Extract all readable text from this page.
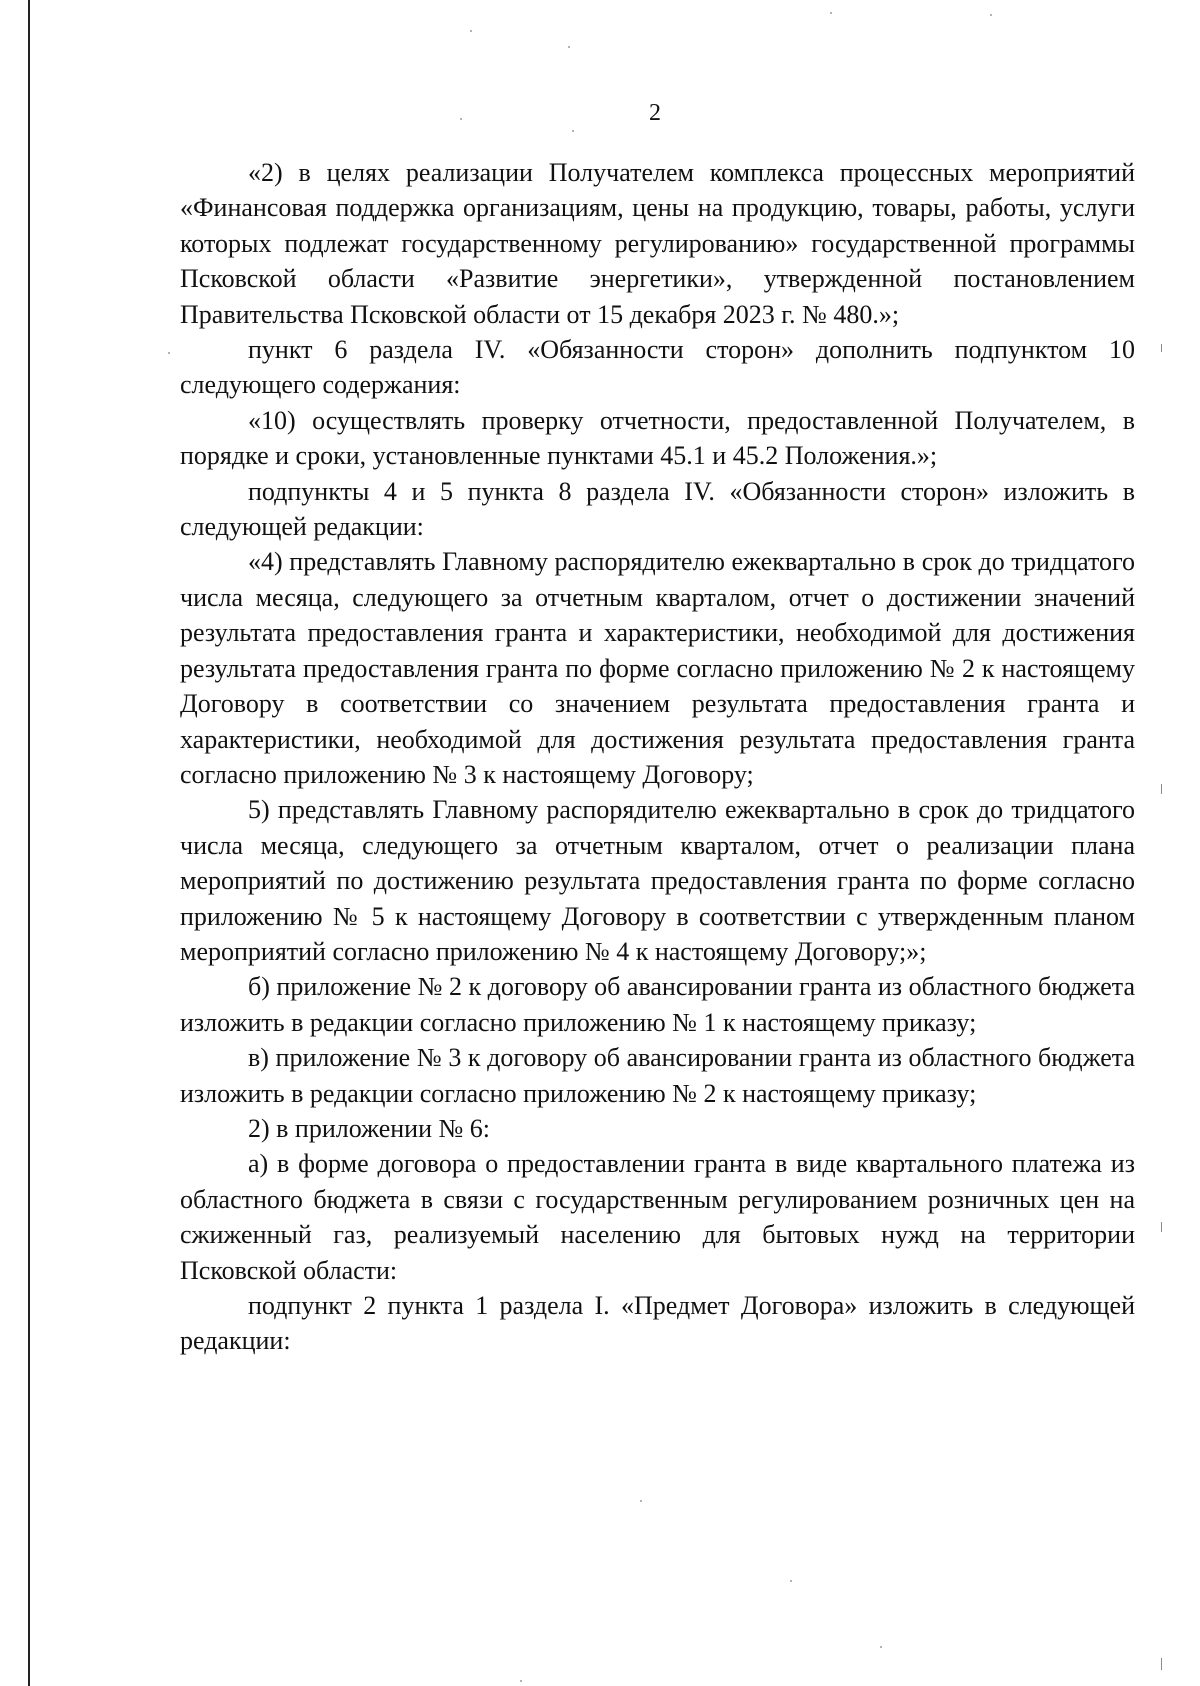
2

«2) в целях реализации Получателем комплекса процессных мероприятий «Финансовая поддержка организациям, цены на продукцию, товары, работы, услуги которых подлежат государственному регулированию» государственной программы Псковской области «Развитие энергетики», утвержденной постановлением Правительства Псковской области от 15 декабря 2023 г. № 480.»;

пункт 6 раздела IV. «Обязанности сторон» дополнить подпунктом 10 следующего содержания:

«10) осуществлять проверку отчетности, предоставленной Получателем, в порядке и сроки, установленные пунктами 45.1 и 45.2 Положения.»;

подпункты 4 и 5 пункта 8 раздела IV. «Обязанности сторон» изложить в следующей редакции:

«4) представлять Главному распорядителю ежеквартально в срок до тридцатого числа месяца, следующего за отчетным кварталом, отчет о достижении значений результата предоставления гранта и характеристики, необходимой для достижения результата предоставления гранта по форме согласно приложению № 2 к настоящему Договору в соответствии со значением результата предоставления гранта и характеристики, необходимой для достижения результата предоставления гранта согласно приложению № 3 к настоящему Договору;

5) представлять Главному распорядителю ежеквартально в срок до тридцатого числа месяца, следующего за отчетным кварталом, отчет о реализации плана мероприятий по достижению результата предоставления гранта по форме согласно приложению № 5 к настоящему Договору в соответствии с утвержденным планом мероприятий согласно приложению № 4 к настоящему Договору;»;

б) приложение № 2 к договору об авансировании гранта из областного бюджета изложить в редакции согласно приложению № 1 к настоящему приказу;

в) приложение № 3 к договору об авансировании гранта из областного бюджета изложить в редакции согласно приложению № 2 к настоящему приказу;

2) в приложении № 6:

а) в форме договора о предоставлении гранта в виде квартального платежа из областного бюджета в связи с государственным регулированием розничных цен на сжиженный газ, реализуемый населению для бытовых нужд на территории Псковской области:

подпункт 2 пункта 1 раздела I. «Предмет Договора» изложить в следующей редакции:
